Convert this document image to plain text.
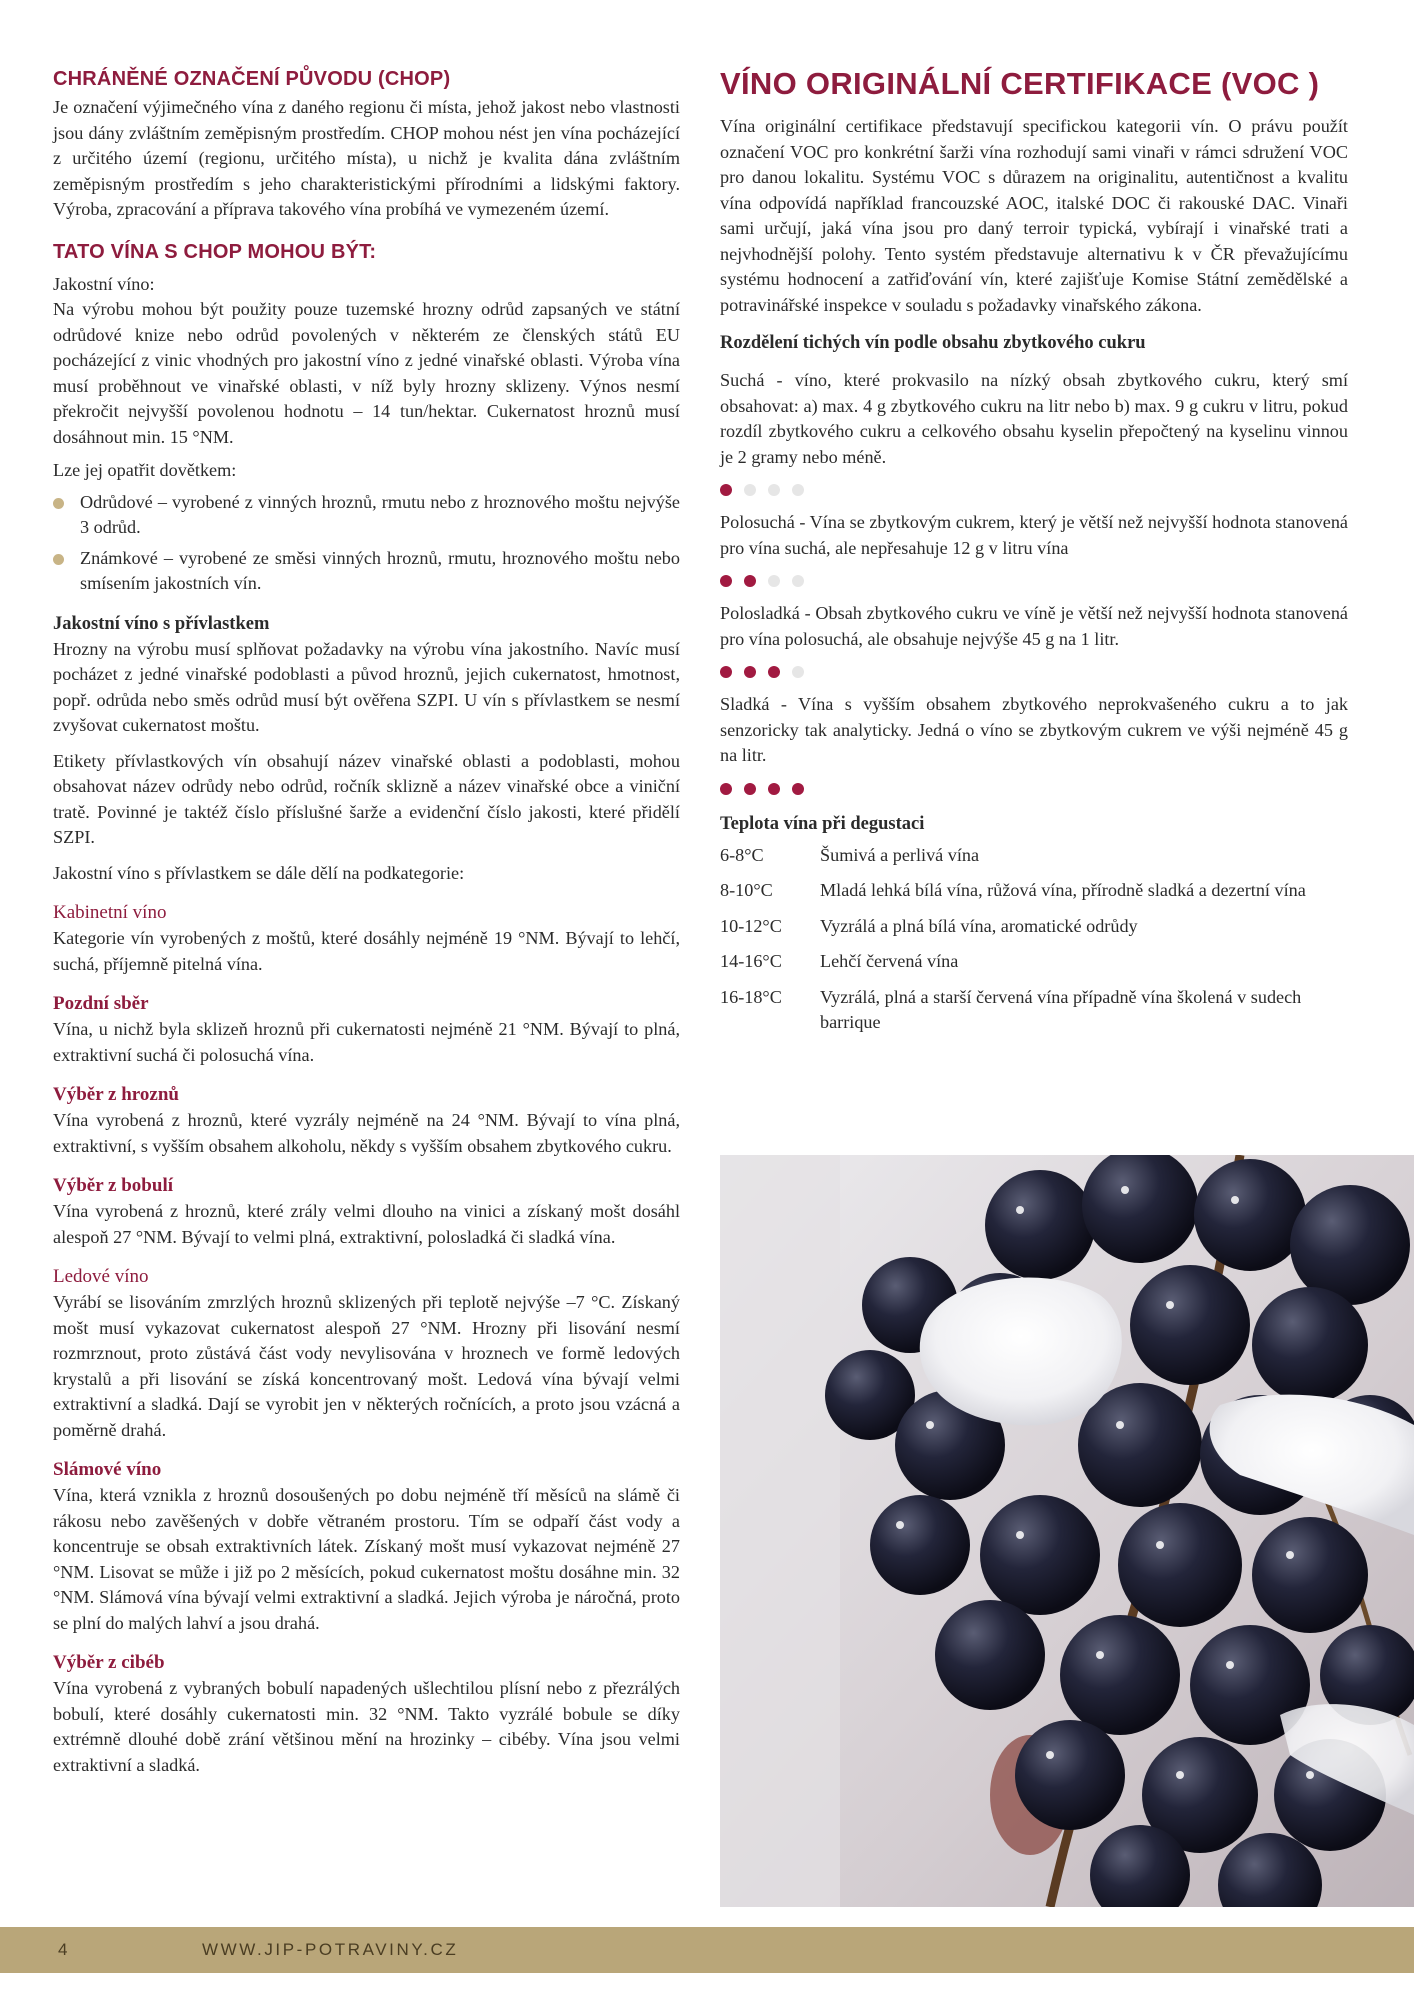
CHRÁNĚNÉ OZNAČENÍ PŮVODU (CHOP)

Je označení výjimečného vína z daného regionu či místa, jehož jakost nebo vlastnosti jsou dány zvláštním zeměpisným prostředím. CHOP mohou nést jen vína pocházející z určitého území (regionu, určitého místa), u nichž je kvalita dána zvláštním zeměpisným prostředím s jeho charakteristickými přírodními a lidskými faktory. Výroba, zpracování a příprava takového vína probíhá ve vymezeném území.

TATO VÍNA S CHOP MOHOU BÝT:

Jakostní víno:

Na výrobu mohou být použity pouze tuzemské hrozny odrůd zapsaných ve státní odrůdové knize nebo odrůd povolených v některém ze členských států EU pocházející z vinic vhodných pro jakostní víno z jedné vinařské oblasti. Výroba vína musí proběhnout ve vinařské oblasti, v níž byly hrozny sklizeny. Výnos nesmí překročit nejvyšší povolenou hodnotu – 14 tun/hektar. Cukernatost hroznů musí dosáhnout min. 15 °NM.

Lze jej opatřit dovětkem:

Odrůdové – vyrobené z vinných hroznů, rmutu nebo z hroznového moštu nejvýše 3 odrůd.
Známkové – vyrobené ze směsi vinných hroznů, rmutu, hroznového moštu nebo smísením jakostních vín.
Jakostní víno s přívlastkem

Hrozny na výrobu musí splňovat požadavky na výrobu vína jakostního. Navíc musí pocházet z jedné vinařské podoblasti a původ hroznů, jejich cukernatost, hmotnost, popř. odrůda nebo směs odrůd musí být ověřena SZPI. U vín s přívlastkem se nesmí zvyšovat cukernatost moštu.

Etikety přívlastkových vín obsahují název vinařské oblasti a podoblasti, mohou obsahovat název odrůdy nebo odrůd, ročník sklizně a název vinařské obce a viniční tratě. Povinné je taktéž číslo příslušné šarže a evidenční číslo jakosti, které přidělí SZPI.

Jakostní víno s přívlastkem se dále dělí na podkategorie:

Kabinetní víno

Kategorie vín vyrobených z moštů, které dosáhly nejméně 19 °NM. Bývají to lehčí, suchá, příjemně pitelná vína.

Pozdní sběr

Vína, u nichž byla sklizeň hroznů při cukernatosti nejméně 21 °NM. Bývají to plná, extraktivní suchá či polosuchá vína.

Výběr z hroznů

Vína vyrobená z hroznů, které vyzrály nejméně na 24 °NM. Bývají to vína plná, extraktivní, s vyšším obsahem alkoholu, někdy s vyšším obsahem zbytkového cukru.

Výběr z bobulí

Vína vyrobená z hroznů, které zrály velmi dlouho na vinici a získaný mošt dosáhl alespoň 27 °NM. Bývají to velmi plná, extraktivní, polosladká či sladká vína.

Ledové víno

Vyrábí se lisováním zmrzlých hroznů sklizených při teplotě nejvýše –7 °C. Získaný mošt musí vykazovat cukernatost alespoň 27 °NM. Hrozny při lisování nesmí rozmrznout, proto zůstává část vody nevylisována v hroznech ve formě ledových krystalů a při lisování se získá koncentrovaný mošt. Ledová vína bývají velmi extraktivní a sladká. Dají se vyrobit jen v některých ročnících, a proto jsou vzácná a poměrně drahá.

Slámové víno

Vína, která vznikla z hroznů dosoušených po dobu nejméně tří měsíců na slámě či rákosu nebo zavěšených v dobře větraném prostoru. Tím se odpaří část vody a koncentruje se obsah extraktivních látek. Získaný mošt musí vykazovat nejméně 27 °NM. Lisovat se může i již po 2 měsících, pokud cukernatost moštu dosáhne min. 32 °NM. Slámová vína bývají velmi extraktivní a sladká. Jejich výroba je náročná, proto se plní do malých lahví a jsou drahá.

Výběr z cibéb

Vína vyrobená z vybraných bobulí napadených ušlechtilou plísní nebo z přezrálých bobulí, které dosáhly cukernatosti min. 32 °NM. Takto vyzrálé bobule se díky extrémně dlouhé době zrání většinou mění na hrozinky – cibéby. Vína jsou velmi extraktivní a sladká.

VÍNO ORIGINÁLNÍ CERTIFIKACE (VOC )

Vína originální certifikace představují specifickou kategorii vín. O právu použít označení VOC pro konkrétní šarži vína rozhodují sami vinaři v rámci sdružení VOC pro danou lokalitu. Systému VOC s důrazem na originalitu, autentičnost a kvalitu vína odpovídá například francouzské AOC, italské DOC či rakouské DAC. Vinaři sami určují, jaká vína jsou pro daný terroir typická, vybírají i vinařské trati a nejvhodnější polohy. Tento systém představuje alternativu k v ČR převažujícímu systému hodnocení a zatřiďování vín, které zajišťuje Komise Státní zemědělské a potravinářské inspekce v souladu s požadavky vinařského zákona.

Rozdělení tichých vín podle obsahu zbytkového cukru

Suchá - víno, které prokvasilo na nízký obsah zbytkového cukru, který smí obsahovat: a) max. 4 g zbytkového cukru na litr nebo b) max. 9 g cukru v litru, pokud rozdíl zbytkového cukru a celkového obsahu kyselin přepočtený na kyselinu vinnou je 2 gramy nebo méně.

Polosuchá - Vína se zbytkovým cukrem, který je větší než nejvyšší hodnota stanovená pro vína suchá, ale nepřesahuje 12 g v litru vína

Polosladká - Obsah zbytkového cukru ve víně je větší než nejvyšší hodnota stanovená pro vína polosuchá, ale obsahuje nejvýše 45 g na 1 litr.

Sladká - Vína s vyšším obsahem zbytkového neprokvašeného cukru a to jak senzoricky tak analyticky. Jedná o víno se zbytkovým cukrem ve výši nejméně 45 g na litr.

Teplota vína při degustaci
6-8°C	Šumivá a perlivá vína
8-10°C	Mladá lehká bílá vína, růžová vína, přírodně sladká a dezertní vína
10-12°C	Vyzrálá a plná bílá vína, aromatické odrůdy
14-16°C	Lehčí červená vína
16-18°C	Vyzrálá, plná a starší červená vína případně vína školená v sudech barrique
4	WWW.JIP-POTRAVINY.CZ
